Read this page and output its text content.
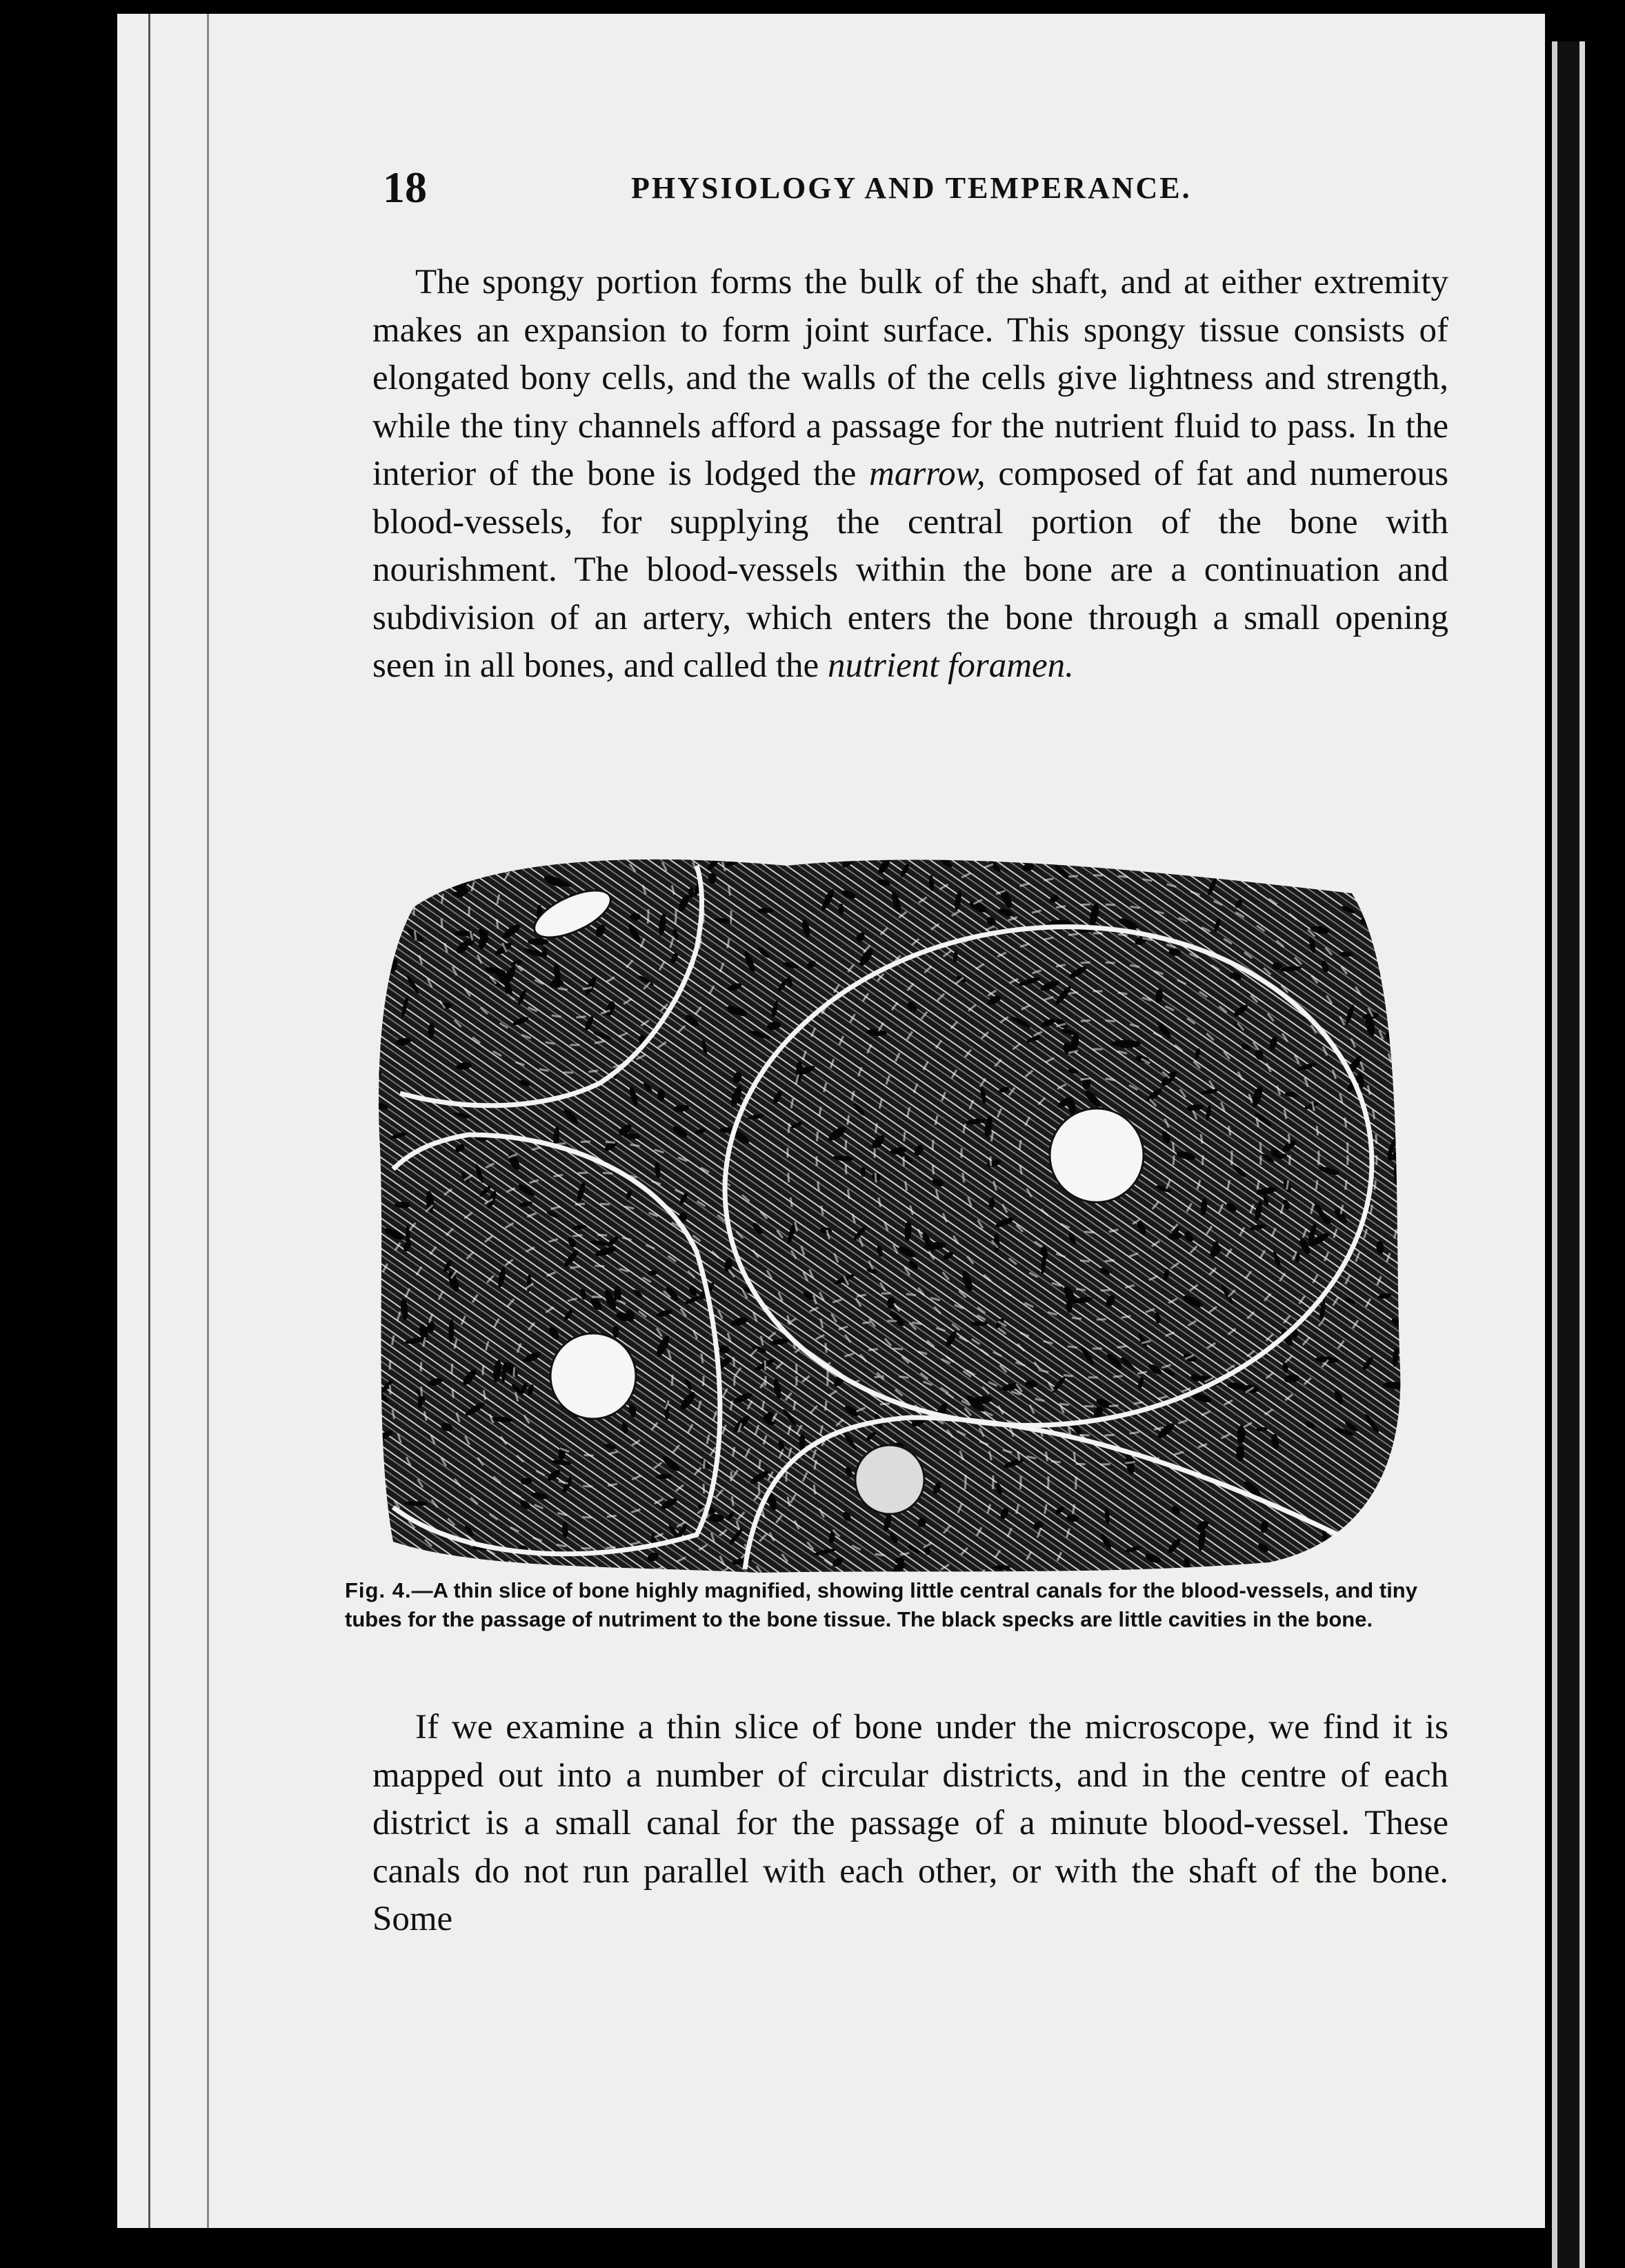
18	PHYSIOLOGY AND TEMPERANCE.

The spongy portion forms the bulk of the shaft, and at either extremity makes an expansion to form joint surface. This spongy tissue consists of elongated bony cells, and the walls of the cells give lightness and strength, while the tiny channels afford a passage for the nutrient fluid to pass. In the interior of the bone is lodged the marrow, composed of fat and numerous blood-vessels, for supplying the central portion of the bone with nourishment. The blood-vessels within the bone are a continuation and subdivision of an artery, which enters the bone through a small opening seen in all bones, and called the nutrient foramen.

Fig. 4.—A thin slice of bone highly magnified, showing little central canals for the blood-vessels, and tiny tubes for the passage of nutriment to the bone tissue. The black specks are little cavities in the bone.

If we examine a thin slice of bone under the microscope, we find it is mapped out into a number of circular districts, and in the centre of each district is a small canal for the passage of a minute blood-vessel. These canals do not run parallel with each other, or with the shaft of the bone. Some
